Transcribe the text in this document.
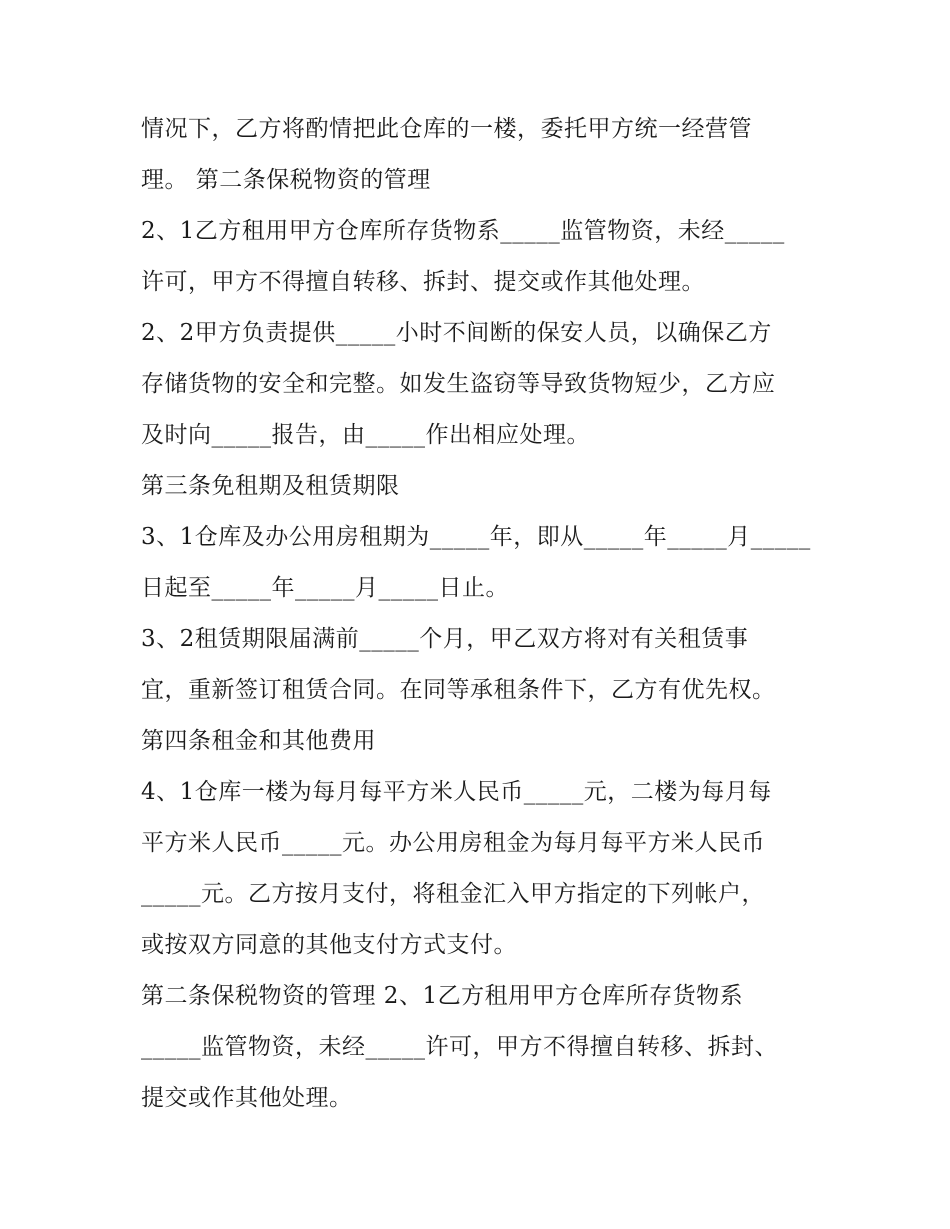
情况下，乙方将酌情把此仓库的一楼，委托甲方统一经营管
理。 第二条保税物资的管理
2、1乙方租用甲方仓库所存货物系_____监管物资，未经_____
许可，甲方不得擅自转移、拆封、提交或作其他处理。
2、2甲方负责提供_____小时不间断的保安人员，以确保乙方
存储货物的安全和完整。如发生盗窃等导致货物短少，乙方应
及时向_____报告，由_____作出相应处理。
第三条免租期及租赁期限
3、1仓库及办公用房租期为_____年，即从_____年_____月_____
日起至_____年_____月_____日止。
3、2租赁期限届满前_____个月，甲乙双方将对有关租赁事
宜，重新签订租赁合同。在同等承租条件下，乙方有优先权。
第四条租金和其他费用
4、1仓库一楼为每月每平方米人民币_____元，二楼为每月每
平方米人民币_____元。办公用房租金为每月每平方米人民币
_____元。乙方按月支付，将租金汇入甲方指定的下列帐户，
或按双方同意的其他支付方式支付。
第二条保税物资的管理 2、1乙方租用甲方仓库所存货物系
_____监管物资，未经_____许可，甲方不得擅自转移、拆封、
提交或作其他处理。
